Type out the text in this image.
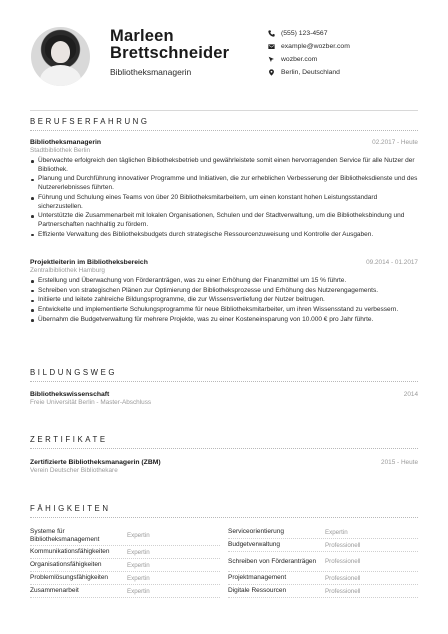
Marleen Brettschneider
Bibliotheksmanagerin
(555) 123-4567
example@wozber.com
wozber.com
Berlin, Deutschland
BERUFSERFAHRUNG
Bibliotheksmanagerin	02.2017 - Heute
Stadtbibliothek Berlin
Überwachte erfolgreich den täglichen Bibliotheksbetrieb und gewährleistete somit einen hervorragenden Service für alle Nutzer der Bibliothek.
Planung und Durchführung innovativer Programme und Initiativen, die zur erheblichen Verbesserung der Bibliotheksdienste und des Nutzererlebnisses führten.
Führung und Schulung eines Teams von über 20 Bibliotheksmitarbeitern, um einen konstant hohen Leistungsstandard sicherzustellen.
Unterstützte die Zusammenarbeit mit lokalen Organisationen, Schulen und der Stadtverwaltung, um die Bibliotheksbindung und Partnerschaften nachhaltig zu fördern.
Effiziente Verwaltung des Bibliotheksbudgets durch strategische Ressourcenzuweisung und Kontrolle der Ausgaben.
Projektleiterin im Bibliotheksbereich	09.2014 - 01.2017
Zentralbibliothek Hamburg
Erstellung und Überwachung von Förderanträgen, was zu einer Erhöhung der Finanzmittel um 15 % führte.
Schreiben von strategischen Plänen zur Optimierung der Bibliotheksprozesse und Erhöhung des Nutzerengagements.
Initiierte und leitete zahlreiche Bildungsprogramme, die zur Wissensvertiefung der Nutzer beitrugen.
Entwickelte und implementierte Schulungsprogramme für neue Bibliotheksmitarbeiter, um ihren Wissensstand zu verbessern.
Übernahm die Budgetverwaltung für mehrere Projekte, was zu einer Kosteneinsparung von 10.000 € pro Jahr führte.
BILDUNGSWEG
Bibliothekswissenschaft	2014
Freie Universität Berlin - Master-Abschluss
ZERTIFIKATE
Zertifizierte Bibliotheksmanagerin (ZBM)	2015 - Heute
Verein Deutscher Bibliothekare
FÄHIGKEITEN
Systeme für Bibliotheksmanagement	Expertin
Kommunikationsfähigkeiten	Expertin
Organisationsfähigkeiten	Expertin
Problemlösungsfähigkeiten	Expertin
Zusammenarbeit	Expertin
Serviceorientierung	Expertin
Budgetverwaltung	Professionell
Schreiben von Förderanträgen	Professionell
Projektmanagement	Professionell
Digitale Ressourcen	Professionell
